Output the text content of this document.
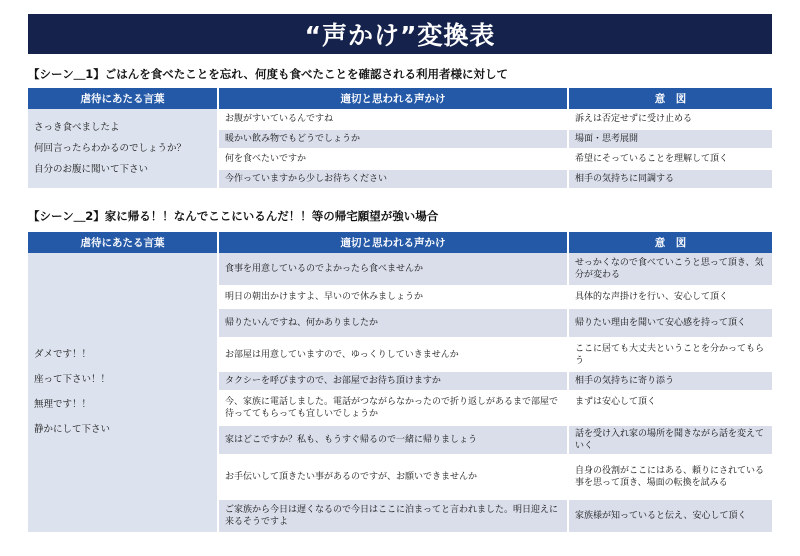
“声かけ”変換表
【シーン＿1】ごはんを食べたことを忘れ、何度も食べたことを確認される利用者様に対して
虐待にあたる言葉	適切と思われる声かけ	意　図

さっき食べましたよ
何回言ったらわかるのでしょうか？
自分のお腹に聞いて下さい	お腹がすいているんですね	訴えは否定せずに受け止める
	暖かい飲み物でもどうでしょうか	場面・思考展開
	何を食べたいですか	希望にそっていることを理解して頂く
	今作っていますから少しお待ちください	相手の気持ちに同調する
【シーン＿2】家に帰る！！なんでここにいるんだ！！等の帰宅願望が強い場合
虐待にあたる言葉	適切と思われる声かけ	意　図

ダメです！！
座って下さい！！
無理です！！
静かにして下さい	食事を用意しているのでよかったら食べませんか	せっかくなので食べていこうと思って頂き、気分が変わる
	明日の朝出かけますよ、早いので休みましょうか	具体的な声掛けを行い、安心して頂く
	帰りたいんですね、何かありましたか	帰りたい理由を聞いて安心感を持って頂く
	お部屋は用意していますので、ゆっくりしていきませんか	ここに居ても大丈夫ということを分かってもらう
	タクシーを呼びますので、お部屋でお待ち頂けますか	相手の気持ちに寄り添う
	今、家族に電話しました。電話がつながらなかったので折り返しがあるまで部屋で待っててもらっても宜しいでしょうか	まずは安心して頂く
	家はどこですか？私も、もうすぐ帰るので一緒に帰りましょう	話を受け入れ家の場所を聞きながら話を変えていく
	お手伝いして頂きたい事があるのですが、お願いできませんか	自身の役割がここにはある、頼りにされている事を思って頂き、場面の転換を試みる
	ご家族から今日は遅くなるので今日はここに泊まってと言われました。明日迎えに来るそうですよ	家族様が知っていると伝え、安心して頂く
